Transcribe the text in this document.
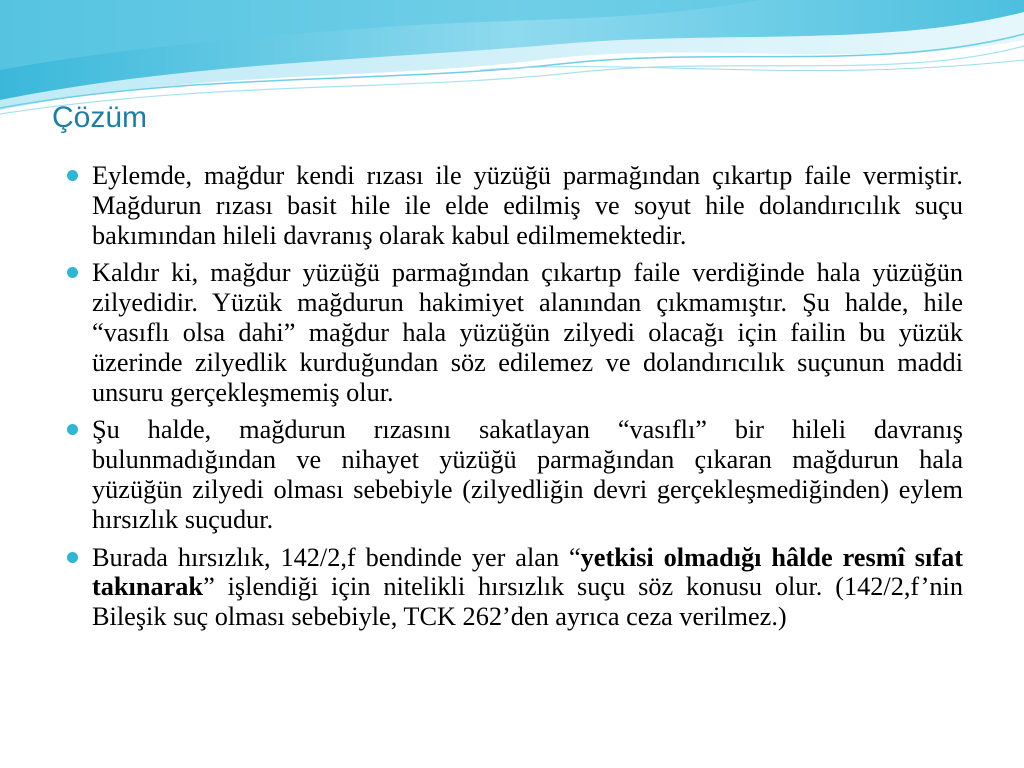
Çözüm
Eylemde, mağdur kendi rızası ile yüzüğü parmağından çıkartıp faile vermiştir. Mağdurun rızası basit hile ile elde edilmiş ve soyut hile dolandırıcılık suçu bakımından hileli davranış olarak kabul edilmemektedir.
Kaldır ki, mağdur yüzüğü parmağından çıkartıp faile verdiğinde hala yüzüğün zilyedidir. Yüzük mağdurun hakimiyet alanından çıkmamıştır. Şu halde, hile “vasıflı olsa dahi” mağdur hala yüzüğün zilyedi olacağı için failin bu yüzük üzerinde zilyedlik kurduğundan söz edilemez ve dolandırıcılık suçunun maddi unsuru gerçekleşmemiş olur.
Şu halde, mağdurun rızasını sakatlayan “vasıflı” bir hileli davranış bulunmadığından ve nihayet yüzüğü parmağından çıkaran mağdurun hala yüzüğün zilyedi olması sebebiyle (zilyedliğin devri gerçekleşmediğinden) eylem hırsızlık suçudur.
Burada hırsızlık, 142/2,f bendinde yer alan “yetkisi olmadığı hâlde resmî sıfat takınarak” işlendiği için nitelikli hırsızlık suçu söz konusu olur. (142/2,f’nin Bileşik suç olması sebebiyle, TCK 262’den ayrıca ceza verilmez.)
